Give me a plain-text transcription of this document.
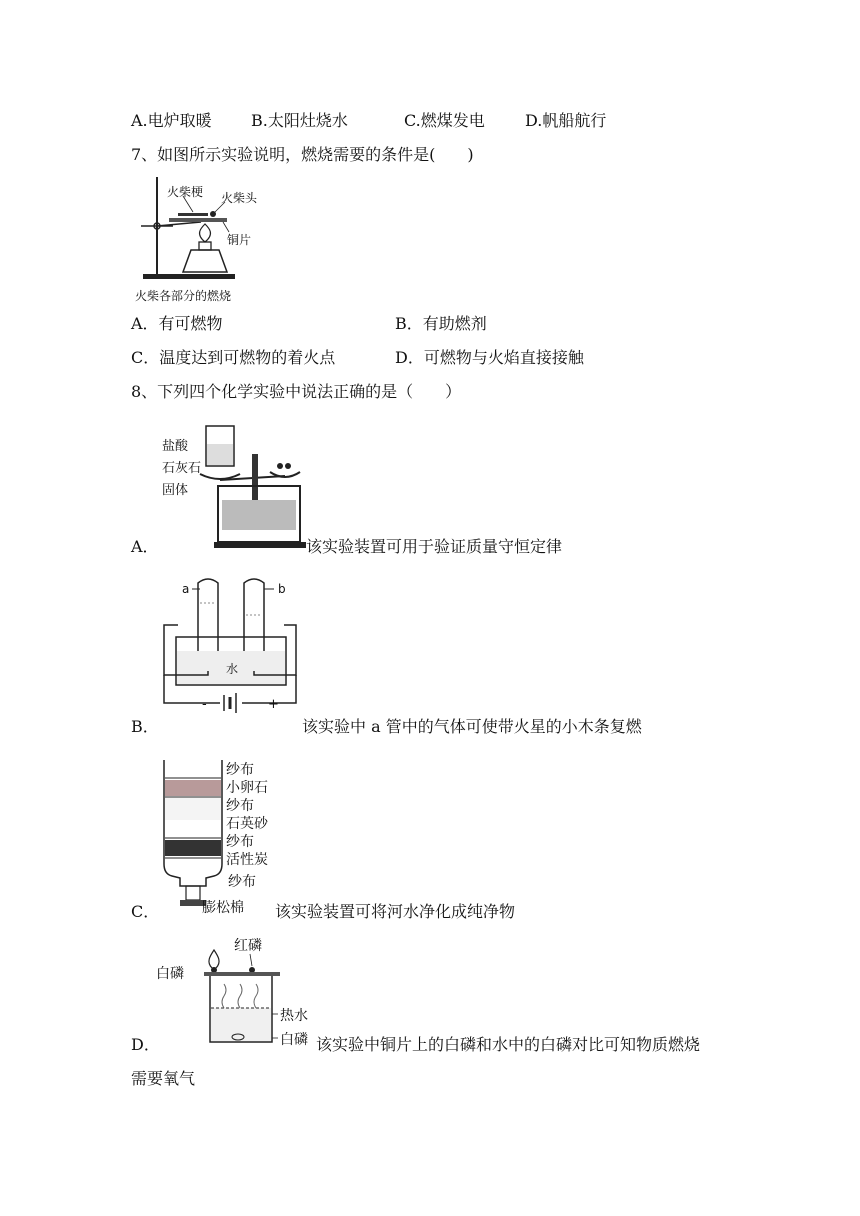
A.电炉取暖 B.太阳灶烧水	C.燃煤发电	D.帆船航行
7、如图所示实验说明，燃烧需要的条件是(　　)
火柴梗 火柴头
铜片
火柴各部分的燃烧
A．有可燃物	B．有助燃剂
C．温度达到可燃物的着火点	D．可燃物与火焰直接接触
8、下列四个化学实验中说法正确的是（　　）
盐酸
石灰石
固体
A．	该实验装置可用于验证质量守恒定律
a	b
水
-	+
B．	该实验中 a 管中的气体可使带火星的小木条复燃
纱布
小卵石
纱布
石英砂
纱布
活性炭
纱布
膨松棉
C．	该实验装置可将河水净化成纯净物
红磷
白磷
热水
白磷
D．	该实验中铜片上的白磷和水中的白磷对比可知物质燃烧
需要氧气
